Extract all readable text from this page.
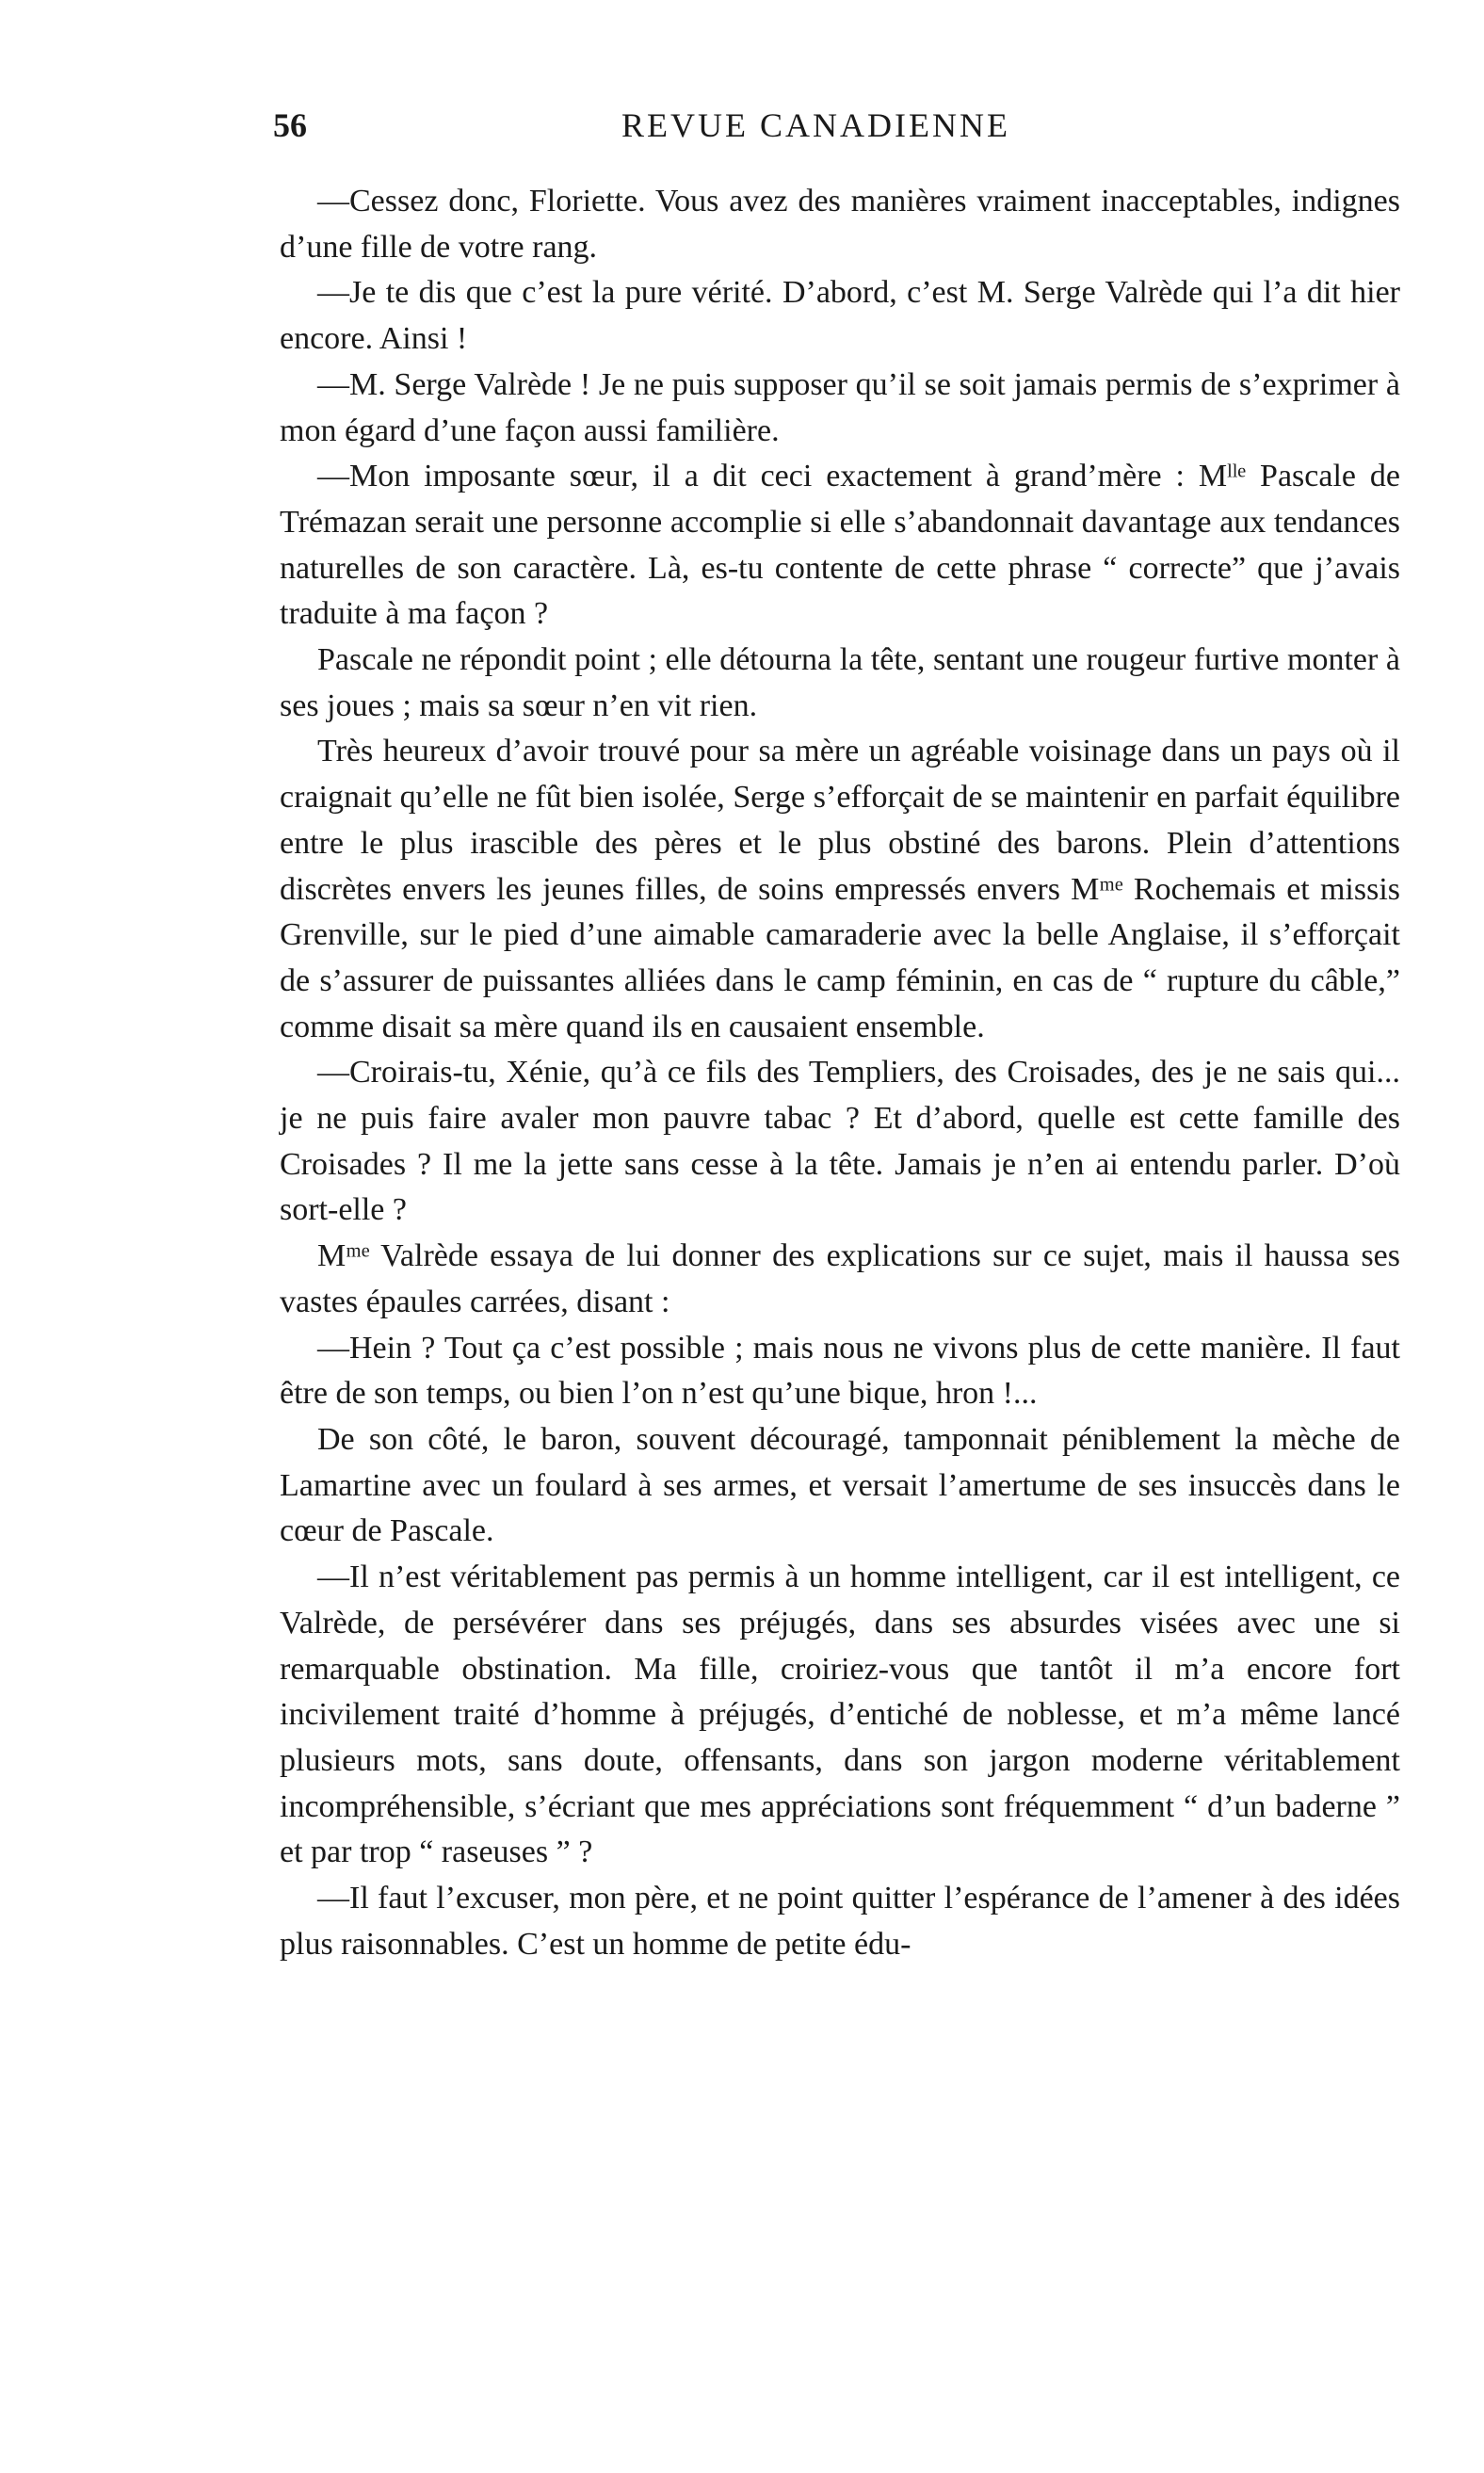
56	REVUE CANADIENNE

—Cessez donc, Floriette. Vous avez des manières vraiment inacceptables, indignes d’une fille de votre rang.

—Je te dis que c’est la pure vérité. D’abord, c’est M. Serge Valrède qui l’a dit hier encore. Ainsi !

—M. Serge Valrède ! Je ne puis supposer qu’il se soit jamais permis de s’exprimer à mon égard d’une façon aussi familière.

—Mon imposante sœur, il a dit ceci exactement à grand’mère : Mˡˡᵉ Pascale de Trémazan serait une personne accomplie si elle s’abandonnait davantage aux tendances naturelles de son caractère. Là, es-tu contente de cette phrase “ correcte” que j’avais traduite à ma façon ?

Pascale ne répondit point ; elle détourna la tête, sentant une rougeur furtive monter à ses joues ; mais sa sœur n’en vit rien.

Très heureux d’avoir trouvé pour sa mère un agréable voisinage dans un pays où il craignait qu’elle ne fût bien isolée, Serge s’efforçait de se maintenir en parfait équilibre entre le plus irascible des pères et le plus obstiné des barons. Plein d’attentions discrètes envers les jeunes filles, de soins empressés envers Mᵐᵉ Rochemais et missis Grenville, sur le pied d’une aimable camaraderie avec la belle Anglaise, il s’efforçait de s’assurer de puissantes alliées dans le camp féminin, en cas de “ rupture du câble,” comme disait sa mère quand ils en causaient ensemble.

—Croirais-tu, Xénie, qu’à ce fils des Templiers, des Croisades, des je ne sais qui... je ne puis faire avaler mon pauvre tabac ? Et d’abord, quelle est cette famille des Croisades ? Il me la jette sans cesse à la tête. Jamais je n’en ai entendu parler. D’où sort-elle ?

Mᵐᵉ Valrède essaya de lui donner des explications sur ce sujet, mais il haussa ses vastes épaules carrées, disant :

—Hein ? Tout ça c’est possible ; mais nous ne vivons plus de cette manière. Il faut être de son temps, ou bien l’on n’est qu’une bique, hron !...

De son côté, le baron, souvent découragé, tamponnait péniblement la mèche de Lamartine avec un foulard à ses armes, et versait l’amertume de ses insuccès dans le cœur de Pascale.

—Il n’est véritablement pas permis à un homme intelligent, car il est intelligent, ce Valrède, de persévérer dans ses préjugés, dans ses absurdes visées avec une si remarquable obstination. Ma fille, croiriez-vous que tantôt il m’a encore fort incivilement traité d’homme à préjugés, d’entiché de noblesse, et m’a même lancé plusieurs mots, sans doute, offensants, dans son jargon moderne véritablement incompréhensible, s’écriant que mes appréciations sont fréquemment “ d’un baderne ” et par trop “ raseuses ” ?

—Il faut l’excuser, mon père, et ne point quitter l’espérance de l’amener à des idées plus raisonnables. C’est un homme de petite édu-
